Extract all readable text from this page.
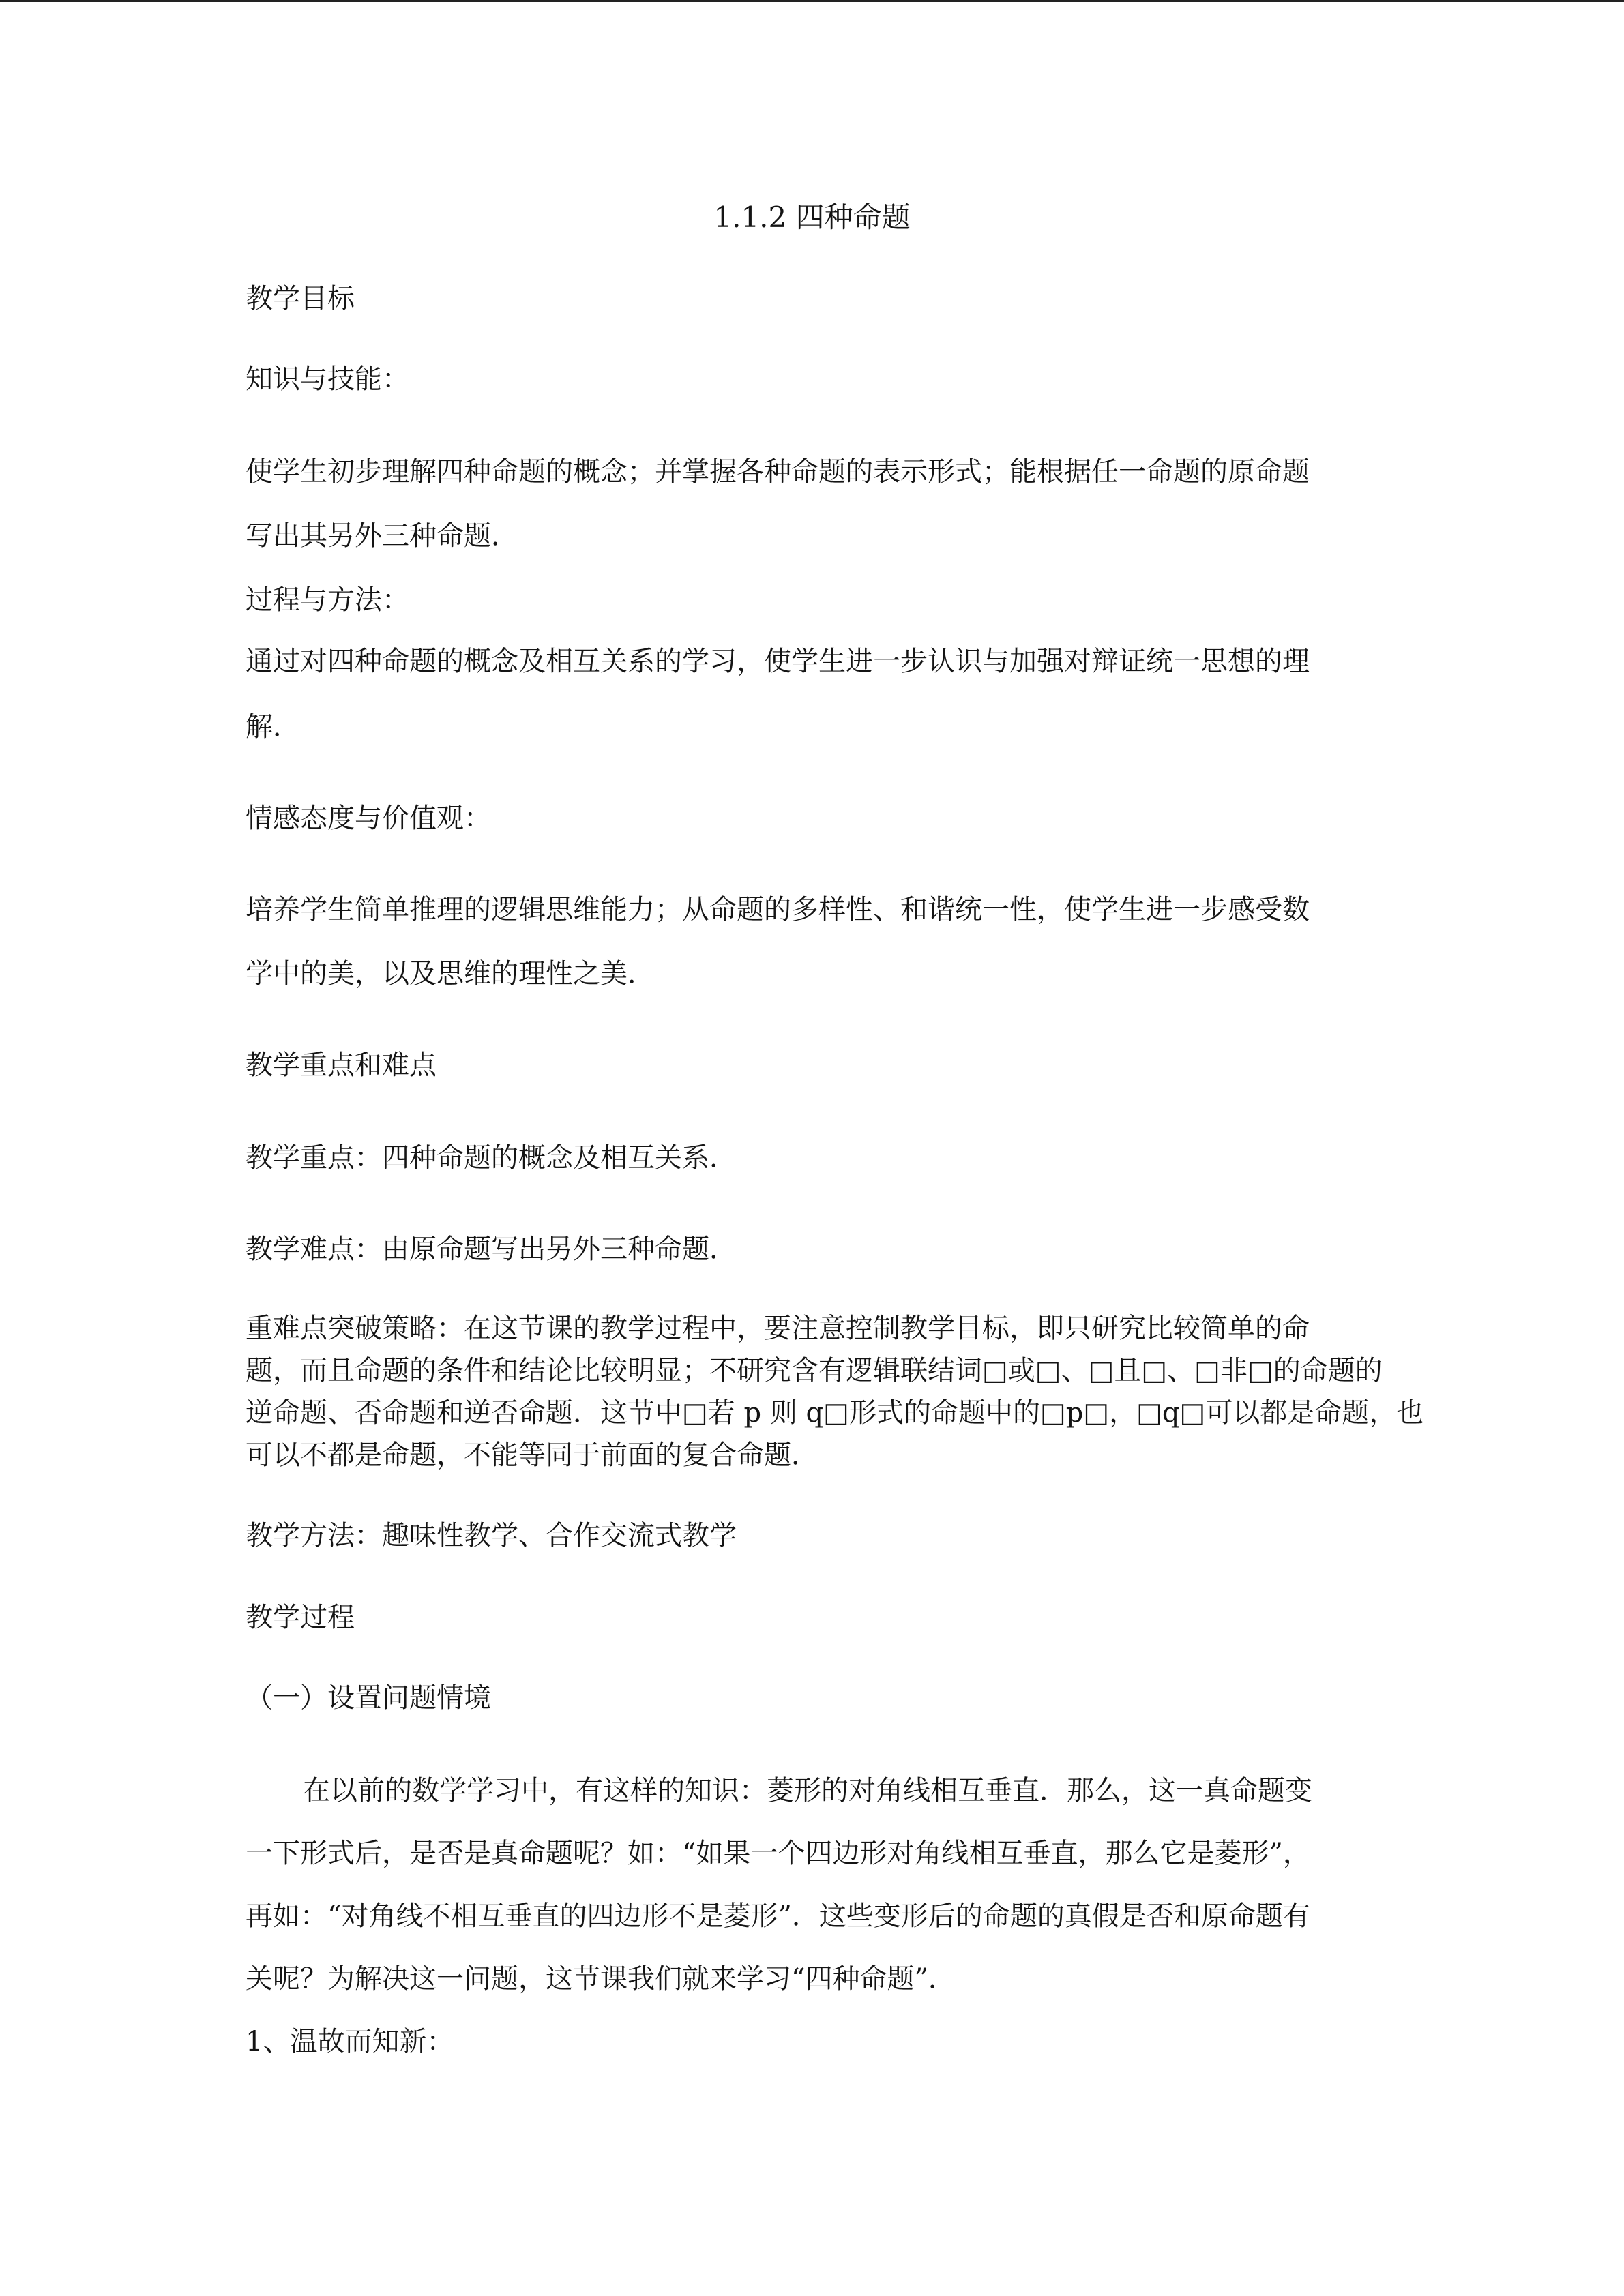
1.1.2 四种命题
教学目标
知识与技能：
使学生初步理解四种命题的概念；并掌握各种命题的表示形式；能根据任一命题的原命题
写出其另外三种命题．
过程与方法：
通过对四种命题的概念及相互关系的学习，使学生进一步认识与加强对辩证统一思想的理
解．
情感态度与价值观：
培养学生简单推理的逻辑思维能力；从命题的多样性、和谐统一性，使学生进一步感受数
学中的美，以及思维的理性之美．
教学重点和难点
教学重点：四种命题的概念及相互关系．
教学难点：由原命题写出另外三种命题．
重难点突破策略：在这节课的教学过程中，要注意控制教学目标，即只研究比较简单的命
题，而且命题的条件和结论比较明显；不研究含有逻辑联结词□或□、□且□、□非□的命题的
逆命题、否命题和逆否命题．这节中□若 p 则 q□形式的命题中的□p□，□q□可以都是命题，也
可以不都是命题，不能等同于前面的复合命题．
教学方法：趣味性教学、合作交流式教学
教学过程
（一）设置问题情境
在以前的数学学习中，有这样的知识：菱形的对角线相互垂直．那么，这一真命题变
一下形式后，是否是真命题呢？如：“如果一个四边形对角线相互垂直，那么它是菱形”，
再如：“对角线不相互垂直的四边形不是菱形”．这些变形后的命题的真假是否和原命题有
关呢？为解决这一问题，这节课我们就来学习“四种命题”．
1、温故而知新：
